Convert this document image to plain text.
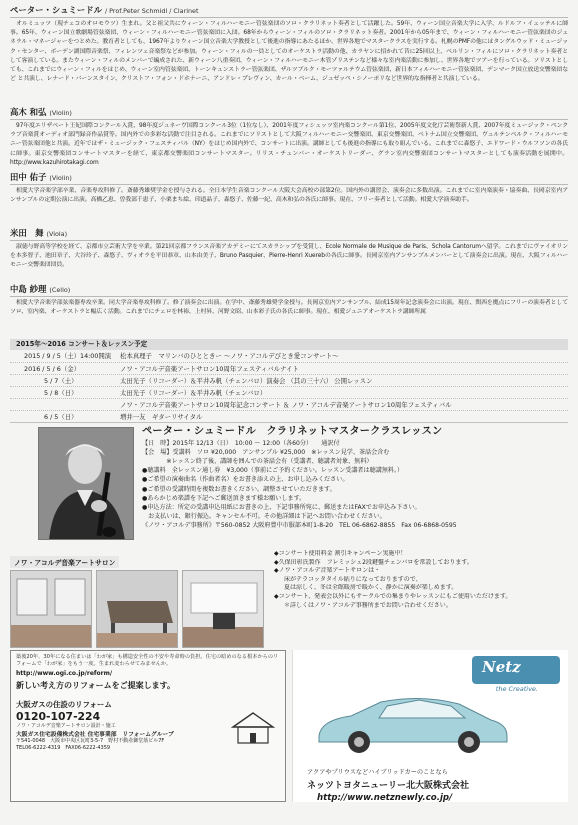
ペーター・シュミードル / Prof.Peter Schmidl / Clarinet
オルミュッツ（現チェコのオロモウツ）生まれ。父と祖父共にウィーン・フィルハーモニー管弦楽団のソロ・クラリネット奏者として活躍した。59年、ウィーン国立音楽大学に入学、ルドルフ・イェッテルに師事。65年、ウィーン国立歌劇場管弦楽団、ウィーン・フィルハーモニー管弦楽団に入団。68年からウィーン・フィルのソロ・クラリネット奏者。2001年から05年まで、ウィーン・フィルハーモニー管弦楽団のジェネラル・マネージャーをつとめた。教育者としても、1967年よりウィーン国立音楽大学教授として後進の指導にあたるほか、世界各地でマスタークラスを実行する。札幌のPMFの他にはタングルウッド・ミュージック・センター、ボーデン湖国際音楽祭、フィレンツェ音楽祭などが参加。ウィーン・フィルの一員としてのオーケストラ活動の他、カラヤンに招かれて昔に25回以上、ベルリン・フィルにソロ・クラリネット奏者として客演している。またウィーン・フィルのメンバーで編成された、新ウィーン八重奏団、ウィーン・フィルハーモニー木管ゾリステンなど様々な室内楽活動に参加し、世界各地でツアーを行っている。ソリストとしても、これまでにウィーン・フィルをはじめ、ウィーン室内管弦楽団、トーンキュンストラー管弦楽団、ザルツブルク・モーツァルテウム管弦楽団、新日本フィルハーモニー管弦楽団、デンマーク国立放送交響楽団など と共演し、レナード・バーンスタイン、クリストフ・フォン・ドホナーニ、アンドレ・プレヴィン、カール・ベーム、ジュゼッペ・シノーポリなど世界的な指揮者と共演している。
高木 和弘 (Violin)
97年度エリザベート王妃国際コンクール入賞、98年度ジュネーヴ国際コンクール3位（1位なし）、2001年度フィシュッツ室内楽コンクール第1位、2005年度文化庁芸術祭新人賞、2007年度ミュージック・ペンクラブ音楽賞オーディオ部門録音作品賞等。国内外での多彩な活動で注目される。これまでにソリストとして大阪フィルハーモニー交響楽団、東京交響楽団、ベトナム国立交響楽団、ヴュルテンベルク・フィルハーモニー管弦楽団他と共演。近年ではザ・ミュージック・フェスティバル（NY）をはじめ国内外で、コンサートに出演。講師としても後進の指導にも取り組んでいる。これまでに森悠子、エドワード・ウルフソンの各氏に師事。東京交響楽団コンサートマスターを経て、東京都交響楽団コンサートマスター。リリス・チェンバー・オーケストリーダー、グラン室内交響楽団コンサートマスターとしても演奏活動を展開中。http://www.kazuhirotakagi.com
田中 佑子 (Violin)
相愛大学音楽学部卒業、音楽専攻科修了。斎藤秀雄奨学金を授与される。全日本学生音楽コンクール大阪大会高校の部第2位。国内外の講習会、演奏会に多数出演。これまでに室内楽演奏・協奏曲、長岡京室内アンサンブルの定期公演に出演。高橋乙恵、曽我部千恵子、小栗まち絵、印道晶子、森悠子、佐藤一紀、高木和弘の各氏に師事。現在、フリー奏者として活動。相愛大学演奏助手。
米田　舞 (Viola)
淑徳与野高等学校を経て、京都市立芸術大学を卒業。第21回京都フランス音楽アカデミーにてスカラシップを受賞し、Ecole Normale de Musique de Paris、Schola Cantorumへ留学。これまでにヴァイオリンを本多智子、池田章子、大谷玲子、森悠子、ヴィオラを平田恭章、山本由美子、Bruno Pasquier、Pierre-Henri Xuerebの各氏に師事。長岡京室内アンサンブルメンバーとして演奏会に出演。現在、大阪フィルハーモニー交響楽団団員。
中島 紗理 (Cello)
相愛大学音楽学部弦楽器専攻卒業。同大学音楽専攻科修了。修了演奏会に出演。在学中、斎藤秀雄奨学金授与。長岡京室内アンサンブル、結成15周年記念演奏会に出演。現在、関西を拠点にフリーの演奏者としてソロ、室内楽、オーケストラと幅広く活動。これまでにチェロを林裕、上村昇、河野文昭、山本彩子氏の各氏に師事。現在、相愛ジュニアオーケストラ講師所属
2015年〜2016 コンサート＆レッスン予定
2015 / 9 / 5（土）14:00開演	松本真理子　マリンバのひとときー ～ノワ・アコルデびとき愛コンサート～
2016 / 5 / 6（金）	ノワ・アコルデ音楽アートサロン10周年フェスティバルナイト
5 / 7（土）	太田光子（リコーダー）＆平井み帆（チェンバロ）演奏会 （其の三十六） 公開レッスン
5 / 8（日）	太田光子（リコーダー）＆平井み帆（チェンバロ）
ノワ・アコルデ音楽アートサロン10周年記念コンサート ＆ ノワ・アコルデ音楽アートサロン10周年フェスティバル
6 / 5（日）	増井一友　ギターリサイタル
ペーター・シュミードル　クラリネットマスタークラスレッスン
【日　時】2015年 12/13（日）　10:00 ～ 12:00（各60分）　　通訳付
【会　場】受講料　ソロ ¥20,000　アンサンブル ¥25,000　※レッスン見学、茶話会含む
　　　　※レッスン終了後、講師を囲んでの茶話会有（受講者、聴講者対象、無料）
●聴講料　全レッスン通し券　¥3,000（事前にご予約ください。レッスン受講者は聴講無料。）
●ご希望の演奏曲名（作曲者名）をお書き添えの上、お申し込みください。
●ご希望の受講時間を複数お書きください。調整させていただきます。
●あらかじめ楽譜を下記へご郵送頂きます様お願いします。
●申込方法：所定の受講申込用紙にお書きの上、下記事務所宛に、郵送またはFAXでお申込み下さい。
　お支払いは、銀行振込。キャンセル不可。その他詳細は下記へお問い合わせください。
《ノワ・アコルデ事務所》〒560-0852 大阪府豊中市服部本町1-8-20　TEL 06-6862-8855　Fax 06-6868-0595
ノワ・アコルデ音楽アートサロン
◆コンサート使用料金 割引キャンペーン実施中！
◆久保田彰氏製作　フレミッシュ2段鍵盤チェンバロを常設しております。
◆ノワ・アコルデ音楽アートサロンは・
床がテラコッタタイル貼りになっておりますので、
夏は涼しく、冬は全館暖房で暖かく、静かに演奏が楽しめます。
◆コンサート、発表会以外にもサークルでの集まりやレッスンにもご使用いただけます。
＊詳しくはノワ・アコルデ事務所までお問い合わせください。
築後20年、30年になる住まいは「わが家」も構造安全性の不安や寿命時の負担。住宅の暗めのなる根本からのリフォームで「わが家」をもう一度。生まれ変わらせてみませんか。
http://www.ogi.co.jp/reform/
新しい考え方のリフォームをご提案します。
大阪ガスの住設のリフォーム
0120-107-224
ノワ・アコルデ音楽アートサロン設計・施工
大阪ガス住宅設備株式会社 住宅事業部　リフォームグループ
〒541-0048　大阪市中央区瓦町3-5-7　野村不動産御堂筋ビル7F
TEL06-6222-4319　FAX06-6222-4359
Netz
the Creative.
アクアやプリウスなどハイブリッドカーのことなら
ネッツトヨタニューリー北大阪株式会社
http://www.netznewly.co.jp/
